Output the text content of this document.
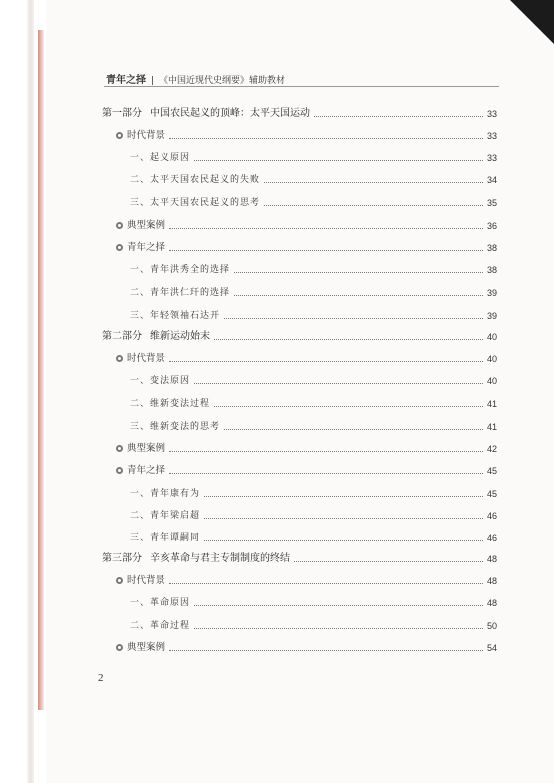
青年之择 | 《中国近现代史纲要》辅助教材
第一部分 中国农民起义的顶峰：太平天国运动	33
时代背景	33
一、起义原因	33
二、太平天国农民起义的失败	34
三、太平天国农民起义的思考	35
典型案例	36
青年之择	38
一、青年洪秀全的选择	38
二、青年洪仁玕的选择	39
三、年轻领袖石达开	39
第二部分 维新运动始末	40
时代背景	40
一、变法原因	40
二、维新变法过程	41
三、维新变法的思考	41
典型案例	42
青年之择	45
一、青年康有为	45
二、青年梁启超	46
三、青年谭嗣同	46
第三部分 辛亥革命与君主专制制度的终结	48
时代背景	48
一、革命原因	48
二、革命过程	50
典型案例	54
2
